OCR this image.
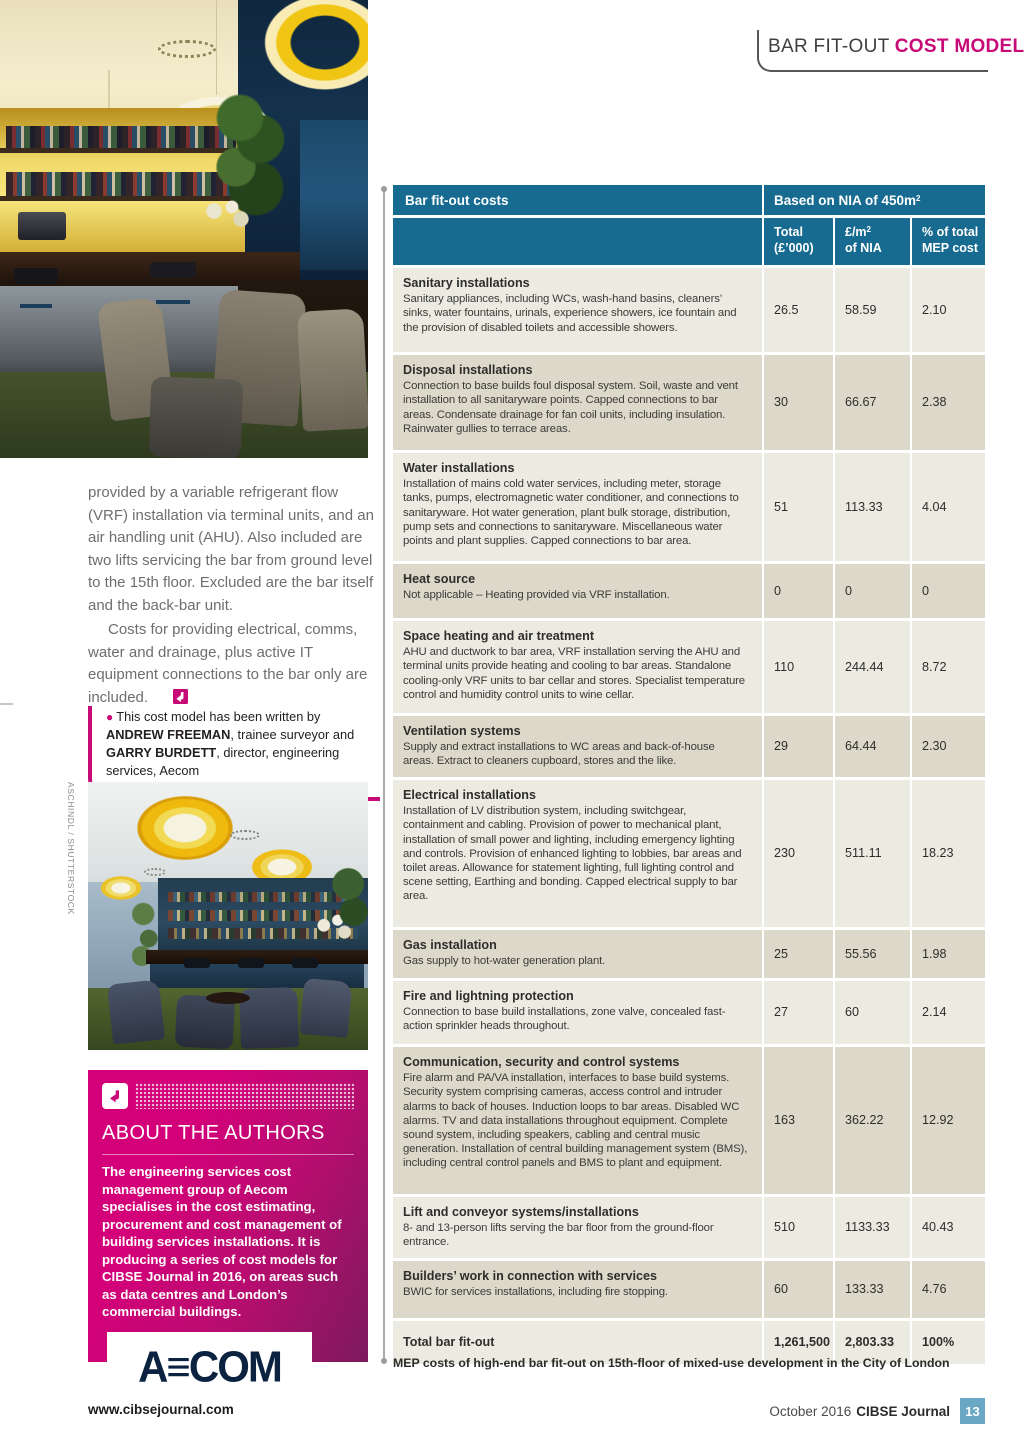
BAR FIT-OUT COST MODEL

provided by a variable refrigerant flow (VRF) installation via terminal units, and an air handling unit (AHU). Also included are two lifts servicing the bar from ground level to the 15th floor. Excluded are the bar itself and the back-bar unit.

Costs for providing electrical, comms, water and drainage, plus active IT equipment connections to the bar only are included.

● This cost model has been written by ANDREW FREEMAN, trainee surveyor and GARRY BURDETT, director, engineering services, Aecom
ASCHINDL / SHUTTERSTOCK
ABOUT THE AUTHORS
The engineering services cost management group of Aecom specialises in the cost estimating, procurement and cost management of building services installations. It is producing a series of cost models for CIBSE Journal in 2016, on areas such as data centres and London’s commercial buildings.
A≡COM
Bar fit-out costs	Based on NIA of $450m^2$
Total
(£’000)
$£/m^2$
of NIA
% of total
MEP cost
Sanitary installations
Sanitary appliances, including WCs, wash-hand basins, cleaners’ sinks, water fountains, urinals, experience showers, ice fountain and the provision of disabled toilets and accessible showers.
26.5	58.59	2.10
Disposal installations
Connection to base builds foul disposal system. Soil, waste and vent installation to all sanitaryware points. Capped connections to bar areas. Condensate drainage for fan coil units, including insulation. Rainwater gullies to terrace areas.
30	66.67	2.38
Water installations
Installation of mains cold water services, including meter, storage tanks, pumps, electromagnetic water conditioner, and connections to sanitaryware. Hot water generation, plant bulk storage, distribution, pump sets and connections to sanitaryware. Miscellaneous water points and plant supplies. Capped connections to bar area.
51	113.33	4.04
Heat source
Not applicable – Heating provided via VRF installation.	0	0	0
Space heating and air treatment
AHU and ductwork to bar area, VRF installation serving the AHU and terminal units provide heating and cooling to bar areas. Standalone cooling-only VRF units to bar cellar and stores. Specialist temperature control and humidity control units to wine cellar.
110	244.44	8.72
Ventilation systems
Supply and extract installations to WC areas and back-of-house areas. Extract to cleaners cupboard, stores and the like.
29	64.44	2.30
Electrical installations
Installation of LV distribution system, including switchgear, containment and cabling. Provision of power to mechanical plant, installation of small power and lighting, including emergency lighting and controls. Provision of enhanced lighting to lobbies, bar areas and toilet areas. Allowance for statement lighting, full lighting control and scene setting, Earthing and bonding. Capped electrical supply to bar area.
230	511.11	18.23
Gas installation
Gas supply to hot-water generation plant.
25	55.56	1.98
Fire and lightning protection
Connection to base build installations, zone valve, concealed fast-action sprinkler heads throughout.
27	60	2.14
Communication, security and control systems
Fire alarm and PA/VA installation, interfaces to base build systems. Security system comprising cameras, access control and intruder alarms to back of houses. Induction loops to bar areas. Disabled WC alarms. TV and data installations throughout equipment. Complete sound system, including speakers, cabling and central music generation. Installation of central building management system (BMS), including central control panels and BMS to plant and equipment.
163	362.22	12.92
Lift and conveyor systems/installations
8- and 13-person lifts serving the bar floor from the ground-floor entrance.
510	1133.33	40.43
Builders’ work in connection with services
BWIC for services installations, including fire stopping.	60	133.33	4.76
Total bar fit-out	1,261,500	2,803.33	100%
MEP costs of high-end bar fit-out on 15th-floor of mixed-use development in the City of London
www.cibsejournal.com	October 2016 CIBSE Journal	13
